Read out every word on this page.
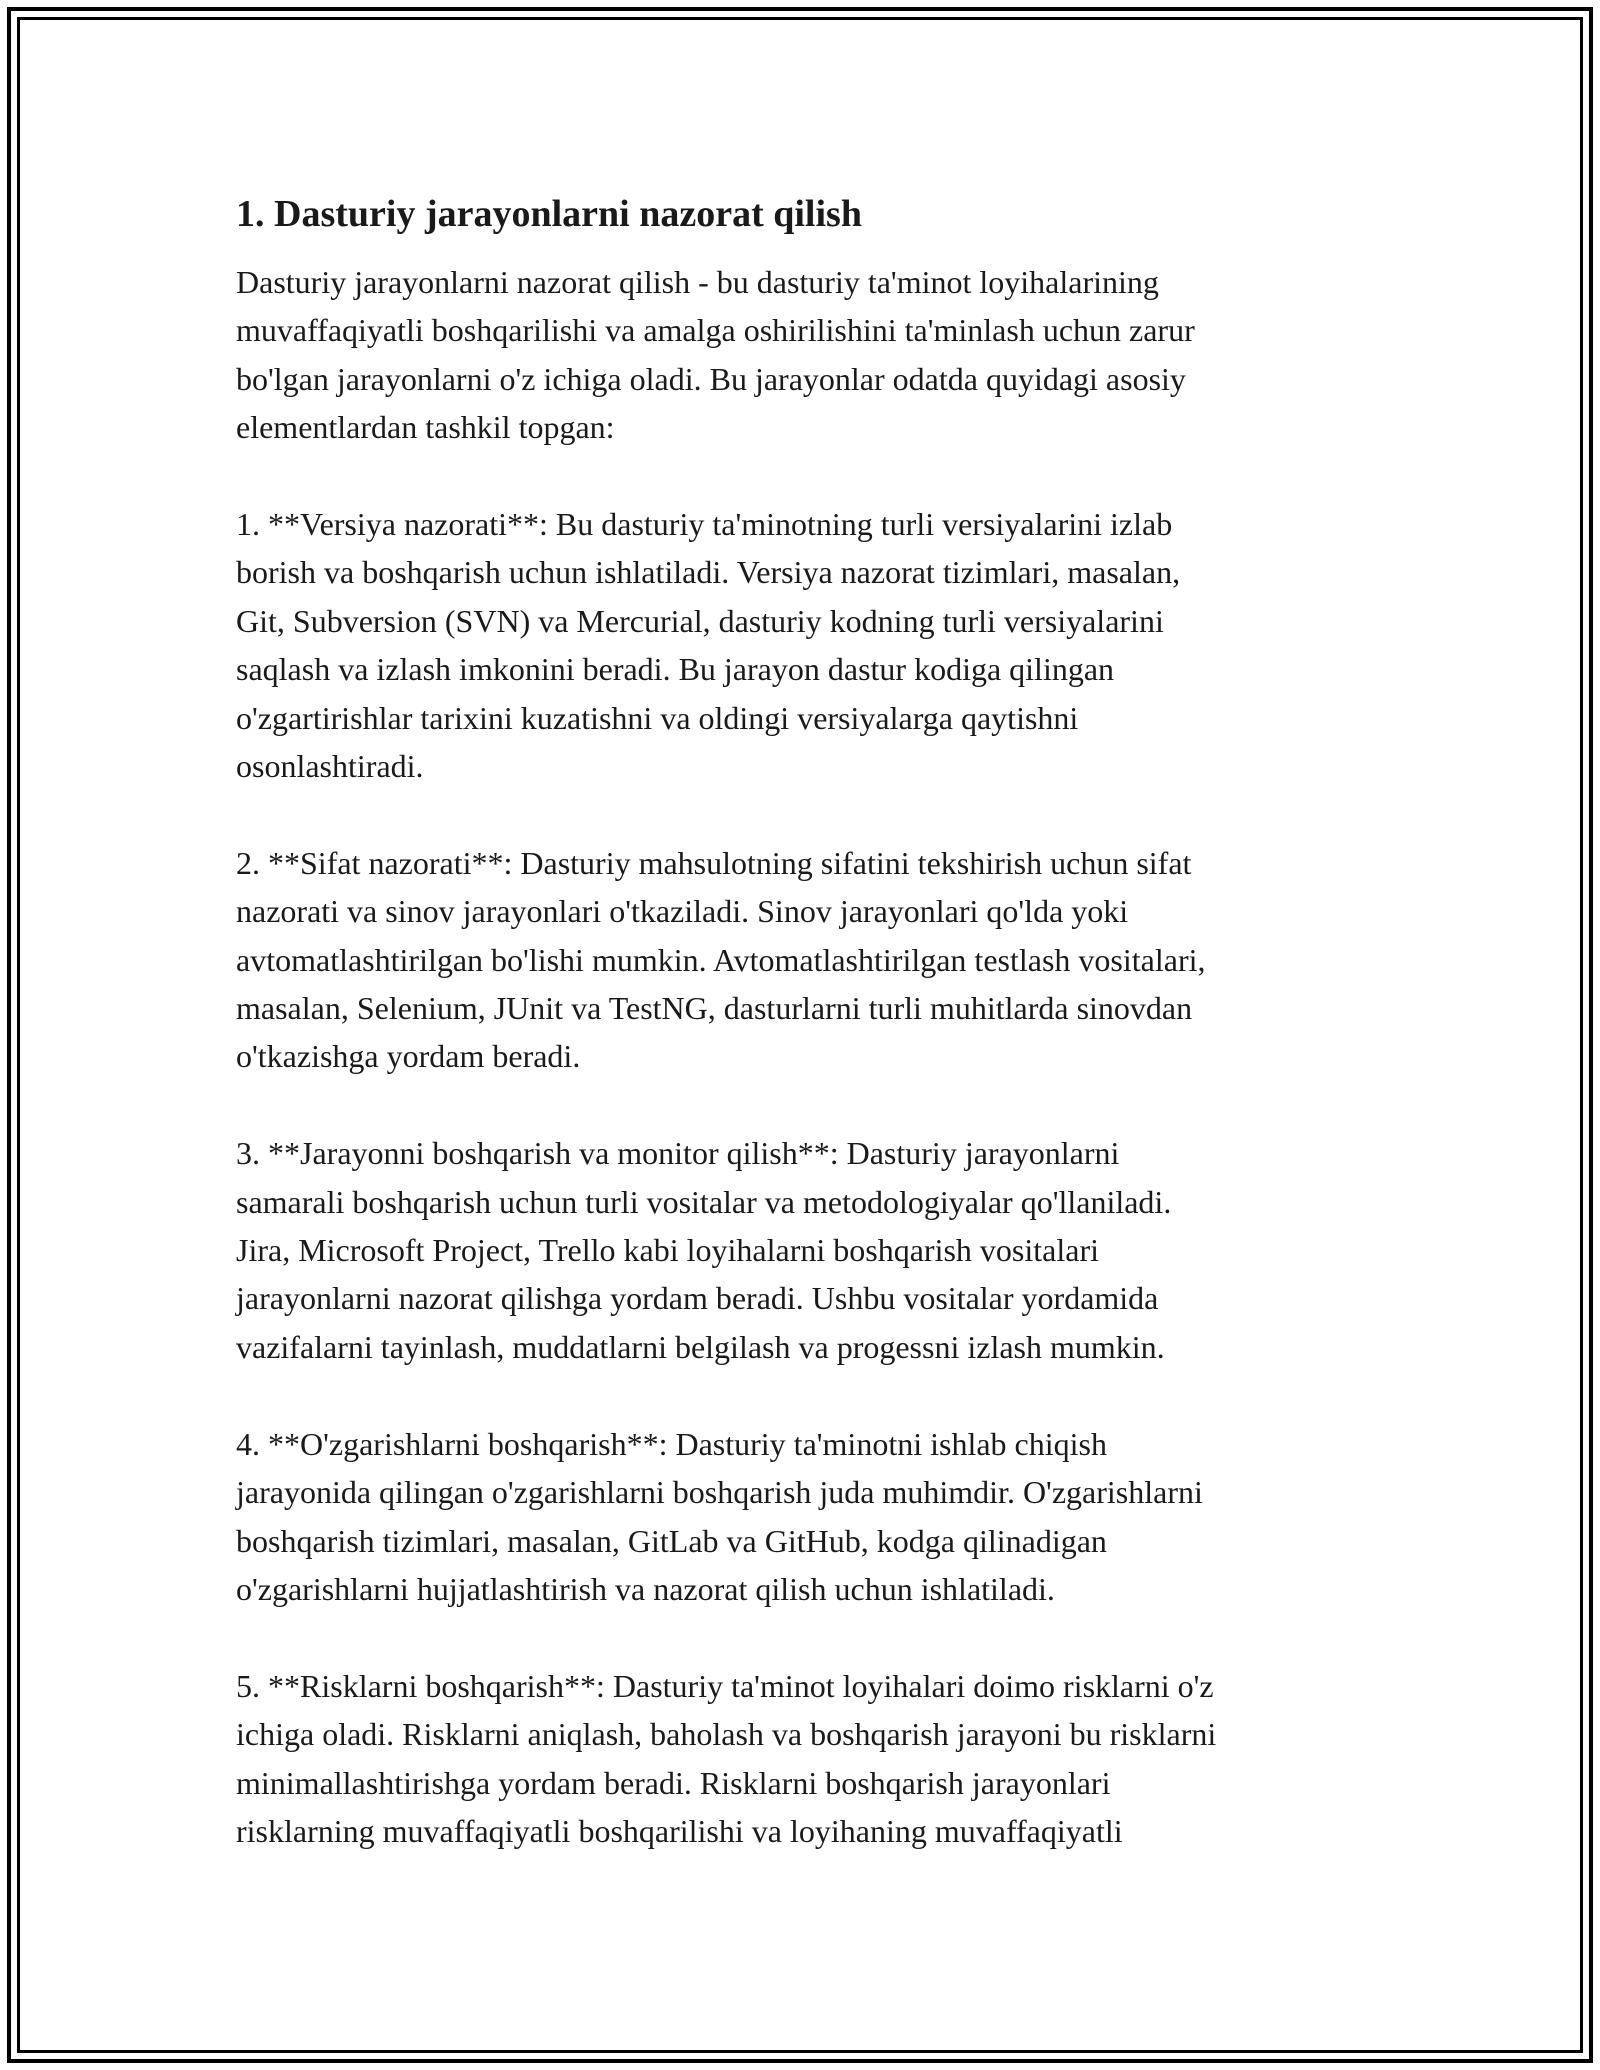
1. Dasturiy jarayonlarni nazorat qilish
Dasturiy jarayonlarni nazorat qilish - bu dasturiy ta'minot loyihalarining
muvaffaqiyatli boshqarilishi va amalga oshirilishini ta'minlash uchun zarur
bo'lgan jarayonlarni o'z ichiga oladi. Bu jarayonlar odatda quyidagi asosiy
elementlardan tashkil topgan:
1. **Versiya nazorati**: Bu dasturiy ta'minotning turli versiyalarini izlab
borish va boshqarish uchun ishlatiladi. Versiya nazorat tizimlari, masalan,
Git, Subversion (SVN) va Mercurial, dasturiy kodning turli versiyalarini
saqlash va izlash imkonini beradi. Bu jarayon dastur kodiga qilingan
o'zgartirishlar tarixini kuzatishni va oldingi versiyalarga qaytishni
osonlashtiradi.
2. **Sifat nazorati**: Dasturiy mahsulotning sifatini tekshirish uchun sifat
nazorati va sinov jarayonlari o'tkaziladi. Sinov jarayonlari qo'lda yoki
avtomatlashtirilgan bo'lishi mumkin. Avtomatlashtirilgan testlash vositalari,
masalan, Selenium, JUnit va TestNG, dasturlarni turli muhitlarda sinovdan
o'tkazishga yordam beradi.
3. **Jarayonni boshqarish va monitor qilish**: Dasturiy jarayonlarni
samarali boshqarish uchun turli vositalar va metodologiyalar qo'llaniladi.
Jira, Microsoft Project, Trello kabi loyihalarni boshqarish vositalari
jarayonlarni nazorat qilishga yordam beradi. Ushbu vositalar yordamida
vazifalarni tayinlash, muddatlarni belgilash va progessni izlash mumkin.
4. **O'zgarishlarni boshqarish**: Dasturiy ta'minotni ishlab chiqish
jarayonida qilingan o'zgarishlarni boshqarish juda muhimdir. O'zgarishlarni
boshqarish tizimlari, masalan, GitLab va GitHub, kodga qilinadigan
o'zgarishlarni hujjatlashtirish va nazorat qilish uchun ishlatiladi.
5. **Risklarni boshqarish**: Dasturiy ta'minot loyihalari doimo risklarni o'z
ichiga oladi. Risklarni aniqlash, baholash va boshqarish jarayoni bu risklarni
minimallashtirishga yordam beradi. Risklarni boshqarish jarayonlari
risklarning muvaffaqiyatli boshqarilishi va loyihaning muvaffaqiyatli
